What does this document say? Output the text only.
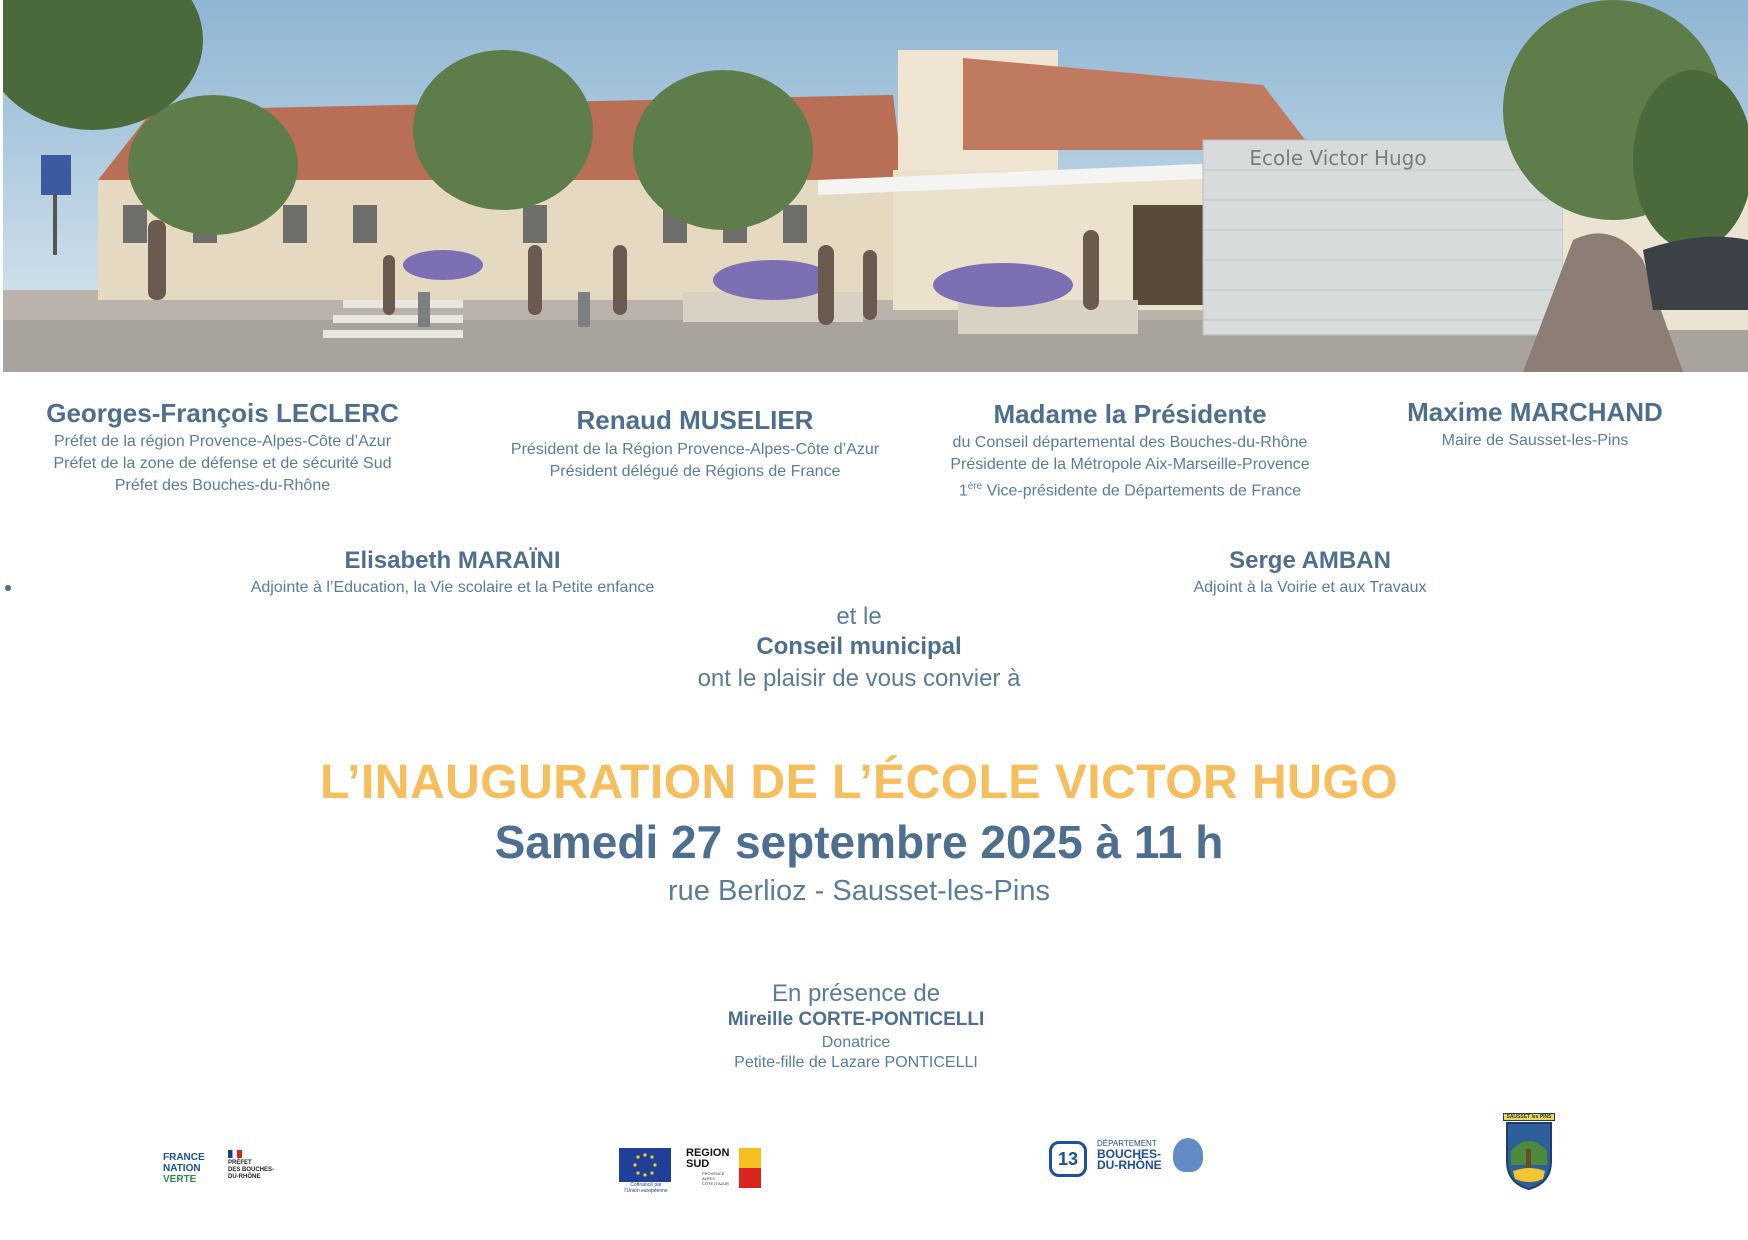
Ecole Victor Hugo
Georges-François LECLERC
Préfet de la région Provence-Alpes-Côte d’Azur
Préfet de la zone de défense et de sécurité Sud
Préfet des Bouches-du-Rhône
Renaud MUSELIER
Président de la Région Provence-Alpes-Côte d’Azur
Président délégué de Régions de France
Madame la Présidente
du Conseil départemental des Bouches-du-Rhône
Présidente de la Métropole Aix-Marseille-Provence
1ère Vice-présidente de Départements de France
Maxime MARCHAND
Maire de Sausset-les-Pins
Elisabeth MARAÏNI
Adjointe à l’Education, la Vie scolaire et la Petite enfance
Serge AMBAN
Adjoint à la Voirie et aux Travaux
et le
Conseil municipal
ont le plaisir de vous convier à
L’INAUGURATION DE L’ÉCOLE VICTOR HUGO
Samedi 27 septembre 2025 à 11 h
rue Berlioz - Sausset-les-Pins
En présence de
Mireille CORTE-PONTICELLI
Donatrice
Petite-fille de Lazare PONTICELLI
FRANCE
NATION
VERTE
PRÉFET
DES BOUCHES-
DU-RHÔNE
Cofinancé par
l’Union européenne
REGION
SUD
PROVENCE
ALPES
CÔTE D’AZUR
13
DÉPARTEMENT
BOUCHES-
DU-RHÔNE
SAUSSET les PINS
